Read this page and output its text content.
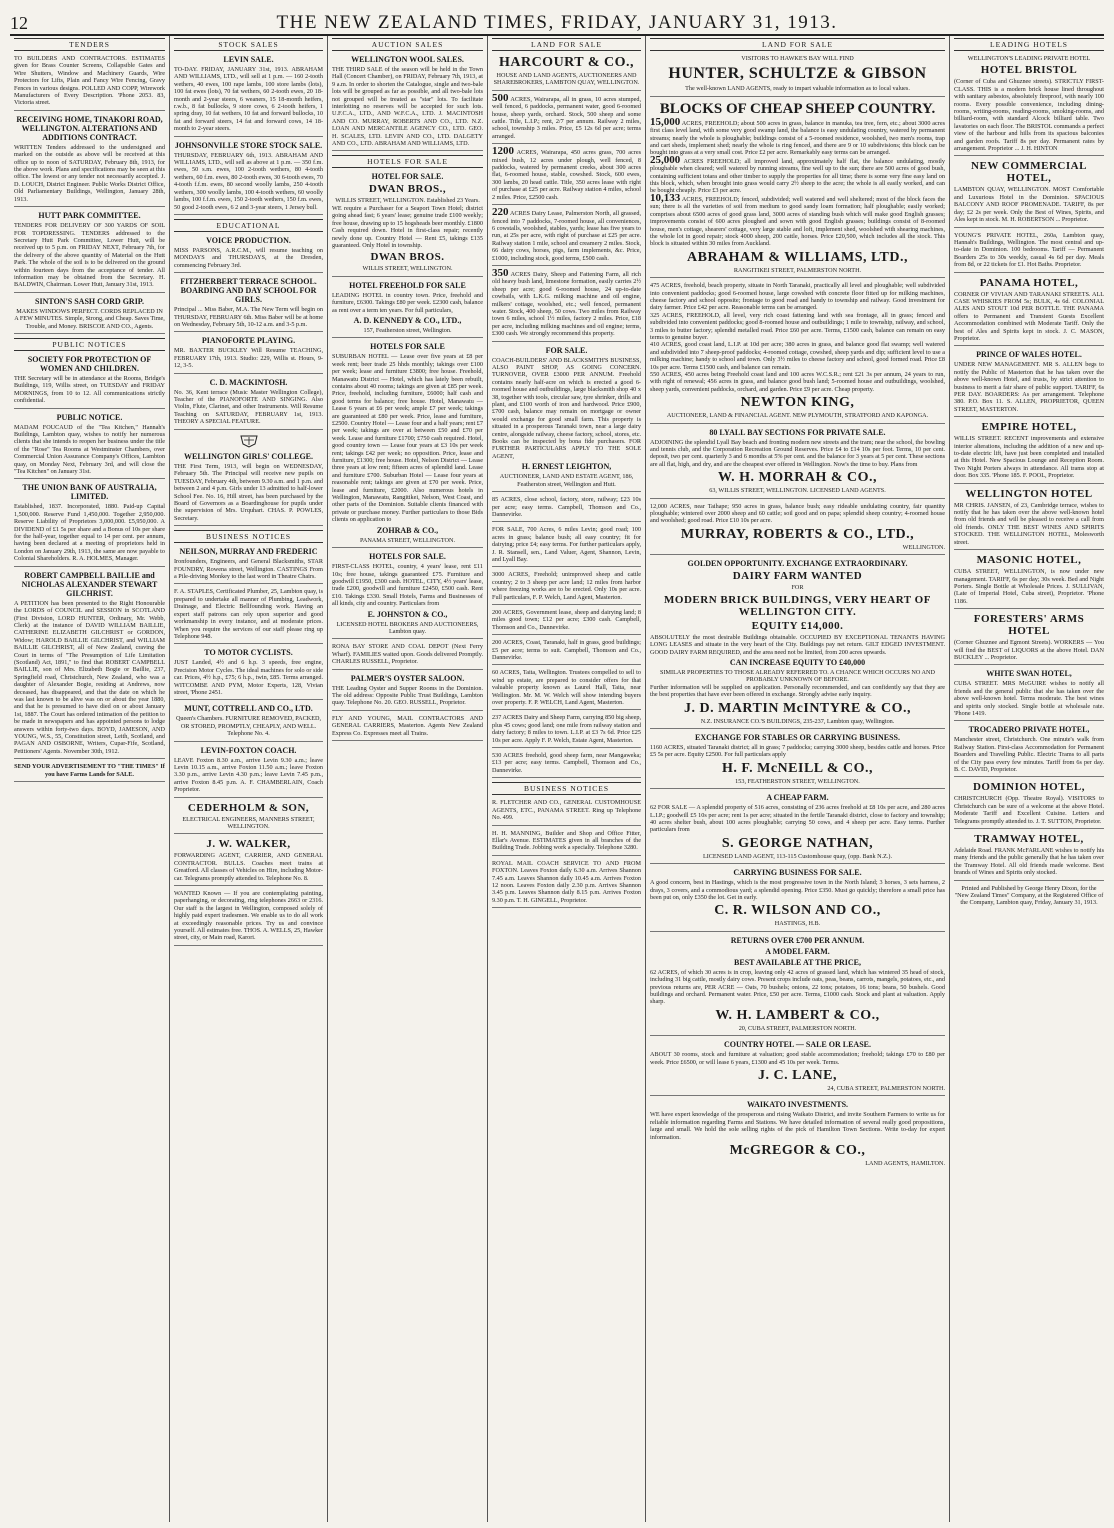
12	THE NEW ZEALAND TIMES, FRIDAY, JANUARY 31, 1913.
TENDERS
TO BUILDERS AND CONTRACTORS. ESTIMATES given for Brass Counter Screens, Collapsible Gates and Wire Shutters, Window and Machinery Guards, Wire Protectors for Lifts, Plain and Fancy Wire Fencing, Gravy Fences in various designs. POLLED AND COPP, Wirework Manufacturers of Every Description. 'Phone 2053. 83, Victoria street.
RECEIVING HOME, TINAKORI ROAD, WELLINGTON. ALTERATIONS AND ADDITIONS CONTRACT.
WRITTEN Tenders addressed to the undersigned and marked on the outside as above will be received at this office up to noon of SATURDAY, February 8th, 1913, for the above work. Plans and specifications may be seen at this office. The lowest or any tender not necessarily accepted. J. D. LOUCH, District Engineer. Public Works District Office, Old Parliamentary Buildings, Wellington, January 28th, 1913.
HUTT PARK COMMITTEE.
TENDERS FOR DELIVERY OF 300 YARDS OF SOIL FOR TOPDRESSING. TENDERS addressed to the Secretary Hutt Park Committee, Lower Hutt, will be received up to 5 p.m. on FRIDAY NEXT, February 7th, for the delivery of the above quantity of Material on the Hutt Park. The whole of the soil is to be delivered on the ground within fourteen days from the acceptance of tender. All information may be obtained from the Secretary. H. BALDWIN, Chairman. Lower Hutt, January 31st, 1913.
SINTON'S SASH CORD GRIP.
MAKES WINDOWS PERFECT. CORDS REPLACED IN A FEW MINUTES. Simple, Strong, and Cheap. Saves Time, Trouble, and Money. BRISCOE AND CO., Agents.
PUBLIC NOTICES
SOCIETY FOR PROTECTION OF WOMEN AND CHILDREN.
THE Secretary will be in attendance at the Rooms, Bridge's Buildings, 119, Willis street, on TUESDAY and FRIDAY MORNINGS, from 10 to 12. All communications strictly confidential.
PUBLIC NOTICE.
MADAM FOUCAUD of the "Tea Kitchen," Hannah's Buildings, Lambton quay, wishes to notify her numerous clients that she intends to reopen her business under the title of the "Rose" Tea Rooms at Westminster Chambers, over Commercial Union Assurance Company's Offices, Lambton quay, on Monday Next, February 3rd, and will close the "Tea Kitchen" on January 31st.
THE UNION BANK OF AUSTRALIA, LIMITED.
Established, 1837. Incorporated, 1880. Paid-up Capital 1,500,000. Reserve Fund 1,450,000. Together 2,950,000. Reserve Liability of Proprietors 3,000,000. £5,950,000. A DIVIDEND of £1 5s per share and a Bonus of 10s per share for the half-year, together equal to 14 per cent. per annum, having been declared at a meeting of proprietors held in London on January 29th, 1913, the same are now payable to Colonial Shareholders. R. A. HOLMES, Manager.
ROBERT CAMPBELL BAILLIE and NICHOLAS ALEXANDER STEWART GILCHRIST.
A PETITION has been presented to the Right Honourable the LORDS of COUNCIL and SESSION in SCOTLAND (First Division, LORD HUNTER, Ordinary, Mr. Webb, Clerk) at the instance of DAVID WILLIAM BAILLIE, CATHERINE ELIZABETH GILCHRIST or GORDON, Widow; HAROLD BAILLIE GILCHRIST, and WILLIAM BAILLIE GILCHRIST, all of New Zealand, craving the Court in terms of "The Presumption of Life Limitation (Scotland) Act, 1891," to find that ROBERT CAMPBELL BAILLIE, son of Mrs. Elizabeth Bogie or Baillie, 237, Springfield road, Christchurch, New Zealand, who was a daughter of Alexander Bogie, residing at Andrews, now deceased, has disappeared, and that the date on which he was last known to be alive was on or about the year 1880, and that he is presumed to have died on or about January 1st, 1887. The Court has ordered intimation of the petition to be made in newspapers and has appointed persons to lodge answers within forty-two days. BOYD, JAMESON, AND YOUNG, W.S., 55, Constitution street, Leith, Scotland, and PAGAN AND OSBORNE, Writers, Cupar-Fife, Scotland, Petitioners' Agents. November 30th, 1912.
SEND YOUR ADVERTISEMENT TO "THE TIMES" If you have Farms Lands for SALE.
STOCK SALES
LEVIN SALE.
TO-DAY. FRIDAY, JANUARY 31st, 1913. ABRAHAM AND WILLIAMS, LTD., will sell at 1 p.m. — 160 2-tooth wethers, 40 ewes, 100 rape lambs, 100 store lambs (lots), 100 fat ewes (lots), 70 fat wethers, 60 2-tooth ewes, 20 18-month and 2-year steers, 6 weaners, 15 18-month heifers, r.w.b., 8 fat bullocks, 9 store cows, 6 2-tooth heifers, 1 spring dray, 10 fat wethers, 10 fat and forward bullocks, 10 fat and forward steers, 14 fat and forward cows, 14 18-month to 2-year steers.
JOHNSONVILLE STORE STOCK SALE.
THURSDAY, FEBRUARY 6th, 1913. ABRAHAM AND WILLIAMS, LTD., will sell as above at 1 p.m. — 350 f.m. ewes, 50 s.m. ewes, 100 2-tooth wethers, 80 4-tooth wethers, 60 f.m. ewes, 80 2-tooth ewes, 30 6-tooth ewes, 70 4-tooth f.f.m. ewes, 80 second woolly lambs, 250 4-tooth wethers, 300 woolly lambs, 100 4-tooth wethers, 60 woolly lambs, 100 f.f.m. ewes, 150 2-tooth wethers, 150 f.m. ewes, 50 good 2-tooth ewes, 6 2 and 3-year steers, 1 Jersey bull.
EDUCATIONAL
VOICE PRODUCTION.
MISS PARSONS, A.R.C.M., will resume teaching on MONDAYS and THURSDAYS, at the Dresden, commencing February 3rd.
FITZHERBERT TERRACE SCHOOL. BOARDING AND DAY SCHOOL FOR GIRLS.
Principal ... Miss Baber, M.A. The New Term will begin on THURSDAY, FEBRUARY 6th. Miss Baber will be at home on Wednesday, February 5th, 10-12 a.m. and 3-5 p.m.
PIANOFORTE PLAYING.
MR. BAXTER BUCKLEY Will Resume TEACHING, FEBRUARY 17th, 1913. Studio: 229, Willis st. Hours, 9-12, 3-5.
C. D. MACKINTOSH.
No. 36, Kent terrace (Music Master Wellington College), Teacher of the PIANOFORTE AND SINGING. Also Violin, Flute, Clarinet, and other Instruments. Will Resume Teaching on SATURDAY, FEBRUARY 1st, 1913. THEORY A SPECIAL FEATURE.
WELLINGTON GIRLS' COLLEGE.
THE First Term, 1913, will begin on WEDNESDAY, February 5th. The Principal will receive new pupils on TUESDAY, February 4th, between 9.30 a.m. and 1 p.m. and between 2 and 4 p.m. Girls under 13 admitted to half-lower School Fee. No. 16, Hill street, has been purchased by the Board of Governors as a Boardinghouse for pupils under the supervision of Mrs. Urquhart. CHAS. P. POWLES, Secretary.
BUSINESS NOTICES
NEILSON, MURRAY AND FREDERIC
Ironfounders, Engineers, and General Blacksmiths, STAR FOUNDRY, Rowena street, Wellington. CASTINGS From a Pile-driving Monkey to the last word in Theatre Chairs.
F. A. STAPLES, Certificated Plumber, 25, Lambton quay, is prepared to undertake all manner of Plumbing, Leadwork, Drainage, and Electric Bellfounding work. Having an expert staff patrons can rely upon superior and good workmanship in every instance, and at moderate prices. When you require the services of our staff please ring up Telephone 948.
TO MOTOR CYCLISTS.
JUST Landed, 4½ and 6 h.p. 3 speeds, free engine, Precision Motor Cycles. The ideal machines for solo or side car. Prices, 4½ h.p., £75; 6 h.p., twin, £85. Terms arranged. WITCOMBE AND PYM, Motor Experts, 128, Vivian street, 'Phone 2451.
MUNT, COTTRELL AND CO., LTD.
Queen's Chambers. FURNITURE REMOVED, PACKED, OR STORED, PROMPTLY, CHEAPLY, AND WELL. Telephone No. 4.
LEVIN-FOXTON COACH.
LEAVE Foxton 8.30 a.m., arrive Levin 9.30 a.m.; leave Levin 10.15 a.m., arrive Foxton 11.50 a.m.; leave Foxton 3.30 p.m., arrive Levin 4.30 p.m.; leave Levin 7.45 p.m., arrive Foxton 8.45 p.m. A. F. CHAMBERLAIN, Coach Proprietor.
CEDERHOLM & SON,
ELECTRICAL ENGINEERS, MANNERS STREET, WELLINGTON.
J. W. WALKER,
FORWARDING AGENT, CARRIER, AND GENERAL CONTRACTOR. BULLS. Coaches meet trains at Greatford. All classes of Vehicles on Hire, including Motor-car. Telegrams promptly attended to. Telephone No. 8.
WANTED Known — If you are contemplating painting, paperhanging, or decorating, ring telephones 2663 or 2316. Our staff is the largest in Wellington, composed solely of highly paid expert tradesmen. We enable us to do all work at exceedingly reasonable prices. Try us and convince yourself. All estimates free. THOS. A. WELLS, 25, Hawker street, city, or Main road, Karori.
AUCTION SALES
WELLINGTON WOOL SALES.
THE THIRD SALE of the season will be held in the Town Hall (Concert Chamber), on FRIDAY, February 7th, 1913, at 9 a.m. In order to shorten the Catalogue, single and two-bale lots will be grouped as far as possible, and all two-bale lots not grouped will be treated as "star" lots. To facilitate interlotting no reserves will be accepted for such lots. U.F.C.A., LTD., AND W.F.C.A., LTD. J. MACINTOSH AND CO. MURRAY, ROBERTS AND CO., LTD. N.Z. LOAN AND MERCANTILE AGENCY CO., LTD. GEO. H. SCALES, LTD. LEVIN AND CO., LTD. DALGETY AND CO., LTD. ABRAHAM AND WILLIAMS, LTD.
HOTELS FOR SALE
HOTEL FOR SALE.
DWAN BROS.,
WILLIS STREET, WELLINGTON. Established 23 Years.
WE require a Purchaser for a Seaport Town Hotel; district going ahead fast; 6 years' lease; genuine trade £100 weekly; free house, drawing up to 15 hogsheads beer monthly. £1800 Cash required down. Hotel in first-class repair; recently newly done up. Country Hotel — Rent £5, takings £135 guaranteed. Only Hotel in township.
DWAN BROS.
WILLIS STREET, WELLINGTON.
HOTEL FREEHOLD FOR SALE
LEADING HOTEL in country town. Price, freehold and furniture, £6300. Takings £80 per week. £2300 cash, balance as rent over a term ten years. For full particulars,
A. D. KENNEDY & CO., LTD.,
157, Featherston street, Wellington.
HOTELS FOR SALE
SUBURBAN HOTEL — Lease over five years at £8 per week rent; beer trade 25 hhds monthly; takings over £100 per week; lease and furniture £3800; free house. Freehold, Manawatu District — Hotel, which has lately been rebuilt, contains about 40 rooms; takings are given at £85 per week. Price, freehold, including furniture, £6000; half cash and good terms for balance; free house. Hotel, Manawatu — Lease 6 years at £6 per week; ample £7 per week; takings are guaranteed at £80 per week. Price, lease and furniture, £2500. Country Hotel — Lease four and a half years; rent £7 per week; takings are over at between £50 and £70 per week. Lease and furniture £1700; £750 cash required. Hotel, good country town — Lease four years at £3 10s per week rent; takings £42 per week; no opposition. Price, lease and furniture, £1300; free house. Hotel, Nelson District — Lease three years at low rent; fifteen acres of splendid land. Lease and furniture £700. Suburban Hotel — Lease four years at reasonable rent; takings are given at £70 per week. Price, lease and furniture, £2000. Also numerous hotels in Wellington, Manawatu, Rangitikei, Nelson, West Coast, and other parts of the Dominion. Suitable clients financed with private or purchase money. Further particulars to those Bids clients on application to
ZOHRAB & CO.,
PANAMA STREET, WELLINGTON.
HOTELS FOR SALE.
FIRST-CLASS HOTEL, country, 4 years' lease, rent £11 10s; free house, takings guaranteed £75. Furniture and goodwill £1950, £300 cash. HOTEL, CITY, 4½ years' lease, trade £200, goodwill and furniture £2450, £500 cash. Rent £10. Takings £330. Small Hotels, Farms and Businesses of all kinds, city and country. Particulars from
E. JOHNSTON & CO.,
LICENSED HOTEL BROKERS AND AUCTIONEERS, Lambton quay.
RONA BAY STORE AND COAL DEPOT (Next Ferry Wharf). FAMILIES waited upon. Goods delivered Promptly. CHARLES RUSSELL, Proprietor.
PALMER'S OYSTER SALOON.
THE Leading Oyster and Supper Rooms in the Dominion. The old address: Opposite Public Trust Buildings, Lambton quay. Telephone No. 20. GEO. RUSSELL, Proprietor.
FLY AND YOUNG, MAIL CONTRACTORS AND GENERAL CARRIERS, Masterton. Agents New Zealand Express Co. Expresses meet all Trains.
LAND FOR SALE
HARCOURT & CO.,
HOUSE AND LAND AGENTS, AUCTIONEERS AND SHAREBROKERS, LAMBTON QUAY, WELLINGTON.
500 ACRES, Wairarapa, all in grass, 10 acres stumped, well fenced, 6 paddocks, permanent water, good 6-roomed house, sheep yards, orchard. Stock, 500 sheep and some cattle. Title, L.I.P.; rent, 2/7 per annum. Railway 2 miles, school, township 3 miles. Price, £5 12s 6d per acre; terms arranged.
1200 ACRES, Wairarapa, 450 acres grass, 700 acres mixed bush, 12 acres under plough, well fenced, 8 paddocks, watered by permanent creeks, about 300 acres flat, 6-roomed house, stable, cowshed. Stock, 600 ewes, 300 lambs, 20 head cattle. Title, 350 acres lease with right of purchase at £25 per acre. Railway station 4 miles, school 2 miles. Price, £2500 cash.
220 ACRES Dairy Lease, Palmerston North, all grassed, fenced into 7 paddocks, 7-roomed house, all conveniences, 6 cowstalls, woolshed, stables, yards; lease has five years to run, at 25s per acre, with right of purchase at £25 per acre. Railway station 1 mile, school and creamery 2 miles. Stock, 66 dairy cows, horses, pigs, farm implements, &c. Price, £1000, including stock, good terms, £500 cash.
350 ACRES Dairy, Sheep and Fattening Farm, all rich old heavy bush land, limestone formation, easily carries 2½ sheep per acre; good 6-roomed house, 24 up-to-date cowbails, with L.K.G. milking machine and oil engine, milkers' cottage, woolshed, etc.; well fenced, permanent water. Stock, 400 sheep, 50 cows. Two miles from Railway town 6 miles, school 1½ miles, factory 2 miles. Price, £18 per acre, including milking machines and oil engine; terms, £300 cash. We strongly recommend this property.
FOR SALE.
COACH-BUILDERS' AND BLACKSMITH'S BUSINESS, ALSO PAINT SHOP, AS GOING CONCERN. TURNOVER, OVER £3000 PER ANNUM. Freehold contains nearly half-acre on which is erected a good 6-roomed house and outbuildings, large blacksmith shop 40 x 38, together with tools, circular saw, tyre shrinker, drills and plant, and £100 worth of iron and hardwood. Price £900, £700 cash, balance may remain on mortgage or owner would exchange for good small farm. This property is situated in a prosperous Taranaki town, near a large dairy centre, alongside railway, cheese factory, school, stores, etc. Books can be inspected by bona fide purchasers. FOR FURTHER PARTICULARS APPLY TO THE SOLE AGENT,
H. ERNEST LEIGHTON,
AUCTIONEER, LAND AND ESTATE AGENT, 186, Featherston street, Wellington and Hutt.
85 ACRES, close school, factory, store, railway; £23 10s per acre; easy terms. Campbell, Thomson and Co., Dannevirke.
FOR SALE, 700 Acres, 6 miles Levin; good road; 100 acres in grass; balance bush; all easy country; fit for dairying; price £4; easy terms. For further particulars apply, J. R. Stansell, sen., Land Valuer, Agent, Shannon, Levin, and Lyall Bay.
3000 ACRES, Freehold; unimproved sheep and cattle country; 2 to 3 sheep per acre land; 12 miles from harbor where freezing works are to be erected. Only 10s per acre. Full particulars, F. P. Welch, Land Agent, Masterton.
200 ACRES, Government lease, sheep and dairying land; 8 miles good town; £12 per acre; £300 cash. Campbell, Thomson and Co., Dannevirke.
200 ACRES, Coast, Taranaki, half in grass, good buildings; £5 per acre; terms to suit. Campbell, Thomson and Co., Dannevirke.
60 ACRES, Taita, Wellington. Trustees compelled to sell to wind up estate, are prepared to consider offers for that valuable property known as Laurel Hall, Taita, near Wellington. Mr. M. W. Welch will show intending buyers over property. F. P. WELCH, Land Agent, Masterton.
237 ACRES Dairy and Sheep Farm, carrying 850 big sheep, plus 45 cows; good land; one mile from railway station and dairy factory; 8 miles to town. L.I.P. at £3 7s 6d. Price £25 10s per acre. Apply F. P. Welch, Estate Agent, Masterton.
530 ACRES freehold, good sheep farm, near Mangaweka; £13 per acre; easy terms. Campbell, Thomson and Co., Dannevirke.
BUSINESS NOTICES
R. FLETCHER AND CO., GENERAL CUSTOMHOUSE AGENTS, ETC., PANAMA STREET. Ring up Telephone No. 499.
H. H. MANNING, Builder and Shop and Office Fitter, Ellar's Avenue. ESTIMATES given in all branches of the Building Trade. Jobbing work a specialty. Telephone 3280.
ROYAL MAIL COACH SERVICE TO AND FROM FOXTON. Leaves Foxton daily 6.30 a.m. Arrives Shannon 7.45 a.m. Leaves Shannon daily 10.45 a.m. Arrives Foxton 12 noon. Leaves Foxton daily 2.30 p.m. Arrives Shannon 3.45 p.m. Leaves Shannon daily 8.15 p.m. Arrives Foxton 9.30 p.m. T. H. GINGELL, Proprietor.
LAND FOR SALE
VISITORS TO HAWKE'S BAY WILL FIND
HUNTER, SCHULTZE & GIBSON
The well-known LAND AGENTS, ready to impart valuable information as to local values.
BLOCKS OF CHEAP SHEEP COUNTRY.
15,000 ACRES, FREEHOLD; about 500 acres in grass, balance in manuka, tea tree, fern, etc.; about 3000 acres first class level land, with some very good swamp land, the balance is easy undulating country, watered by permanent streams; nearly the whole is ploughable; buildings consist of a 5-roomed residence, woolshed, two men's rooms, trap and cart sheds, implement shed; nearly the whole is ring fenced, and there are 9 or 10 subdivisions; this block can be bought into grass at a very small cost. Price £2 per acre. Remarkably easy terms can be arranged.
25,000 ACRES FREEHOLD; all improved land, approximately half flat, the balance undulating, mostly ploughable when cleared; well watered by running streams, fine well up to the sun; there are 500 acres of good bush, containing sufficient totara and other timber to supply the properties for all time; there is some very fine easy land on this block, which, when brought into grass would carry 2½ sheep to the acre; the whole is all easily worked, and can be bought cheaply. Price £3 per acre.
10,133 ACRES, FREEHOLD; fenced, subdivided; well watered and well sheltered; most of the block faces the sun; there is all the varieties of soil from medium to good sandy loam formation; half ploughable; easily worked; comprises about 6500 acres of good grass land, 3000 acres of standing bush which will make good English grasses; improvements consist of 600 acres ploughed and sown with good English grasses; buildings consist of 8-roomed house, men's cottage, shearers' cottage, very large stable and loft, implement shed, woolshed with shearing machines, the whole lot in good repair; stock 4000 sheep, 200 cattle, horses. Price £20,500, which includes all the stock. This block is situated within 30 miles from Auckland.
ABRAHAM & WILLIAMS, LTD.,
RANGITIKEI STREET, PALMERSTON NORTH.
475 ACRES, freehold, beach property, situate in North Taranaki, practically all level and ploughable; well subdivided into convenient paddocks; good 6-roomed house, large cowshed with concrete floor fitted up for milking machines, cheese factory and school opposite; frontage to good road and handy to township and railway. Good investment for dairy farmer. Price £42 per acre. Reasonable terms can be arranged.
325 ACRES, FREEHOLD, all level, very rich coast fattening land with sea frontage, all in grass; fenced and subdivided into convenient paddocks; good 8-roomed house and outbuildings; 1 mile to township, railway, and school, 3 miles to butter factory; splendid metalled road. Price £60 per acre. Terms, £1500 cash, balance can remain on easy terms to genuine buyer.
410 ACRES, good coast land, L.I.P. at 10d per acre; 380 acres in grass, and balance good flat swamp; well watered and subdivided into 7 sheep-proof paddocks; 4-roomed cottage, cowshed, sheep yards and dip; sufficient level to use a milking machine; handy to school and town. Only 3½ miles to cheese factory and school, good formed road. Price £8 10s per acre. Terms £1500 cash, and balance can remain.
550 ACRES, 450 acres being Freehold coast land and 100 acres W.C.S.R.; rent £21 3s per annum, 24 years to run, with right of renewal; 456 acres in grass, and balance good bush land; 5-roomed house and outbuildings, woolshed, sheep yards, convenient paddocks, orchard, and garden. Price £9 per acre. Cheap property.
NEWTON KING,
AUCTIONEER, LAND & FINANCIAL AGENT. NEW PLYMOUTH, STRATFORD AND KAPONGA.
80 LYALL BAY SECTIONS FOR PRIVATE SALE.
ADJOINING the splendid Lyall Bay beach and fronting modern new streets and the tram; near the school, the bowling and tennis club, and the Corporation Recreation Ground Reserves. Price £4 to £14 10s per foot. Terms, 10 per cent. deposit, two per cent. quarterly 3 and 6 months at 5% per cent. and the balance for 3 years at 5 per cent. These sections are all flat, high, and dry, and are the cheapest ever offered in Wellington. Now's the time to buy. Plans from
W. H. MORRAH & CO.,
63, WILLIS STREET, WELLINGTON. LICENSED LAND AGENTS.
12,000 ACRES, near Taihape; 950 acres in grass, balance bush; easy rideable undulating country, fair quantity ploughable; wintered over 2000 sheep and 60 cattle; soil good and on papa; splendid sheep country; 4-roomed house and woolshed; good road. Price £10 10s per acre.
MURRAY, ROBERTS & CO., LTD.,
WELLINGTON.
GOLDEN OPPORTUNITY. EXCHANGE EXTRAORDINARY.
DAIRY FARM WANTED
FOR
MODERN BRICK BUILDINGS, VERY HEART OF WELLINGTON CITY.
EQUITY £14,000.
ABSOLUTELY the most desirable Buildings obtainable. OCCUPIED BY EXCEPTIONAL TENANTS HAVING LONG LEASES and situate in the very heart of the City. Buildings pay net return. GILT EDGED INVESTMENT. GOOD DAIRY FARM REQUIRED, and the area need not be limited, from 200 acres upwards.
CAN INCREASE EQUITY TO £40,000
SIMILAR PROPERTIES TO THOSE ALREADY REFERRED TO. A CHANCE WHICH OCCURS NO AND PROBABLY UNKNOWN OF BEFORE.
Further information will be supplied on application. Personally recommended, and can confidently say that they are the best properties that have ever been offered in exchange. Strongly advise early inquiry.
J. D. MARTIN McINTYRE & CO.,
N.Z. INSURANCE CO.'S BUILDINGS, 235-237, Lambton quay, Wellington.
EXCHANGE FOR STABLES OR CARRYING BUSINESS.
1160 ACRES, situated Taranaki district; all in grass; 7 paddocks; carrying 3000 sheep, besides cattle and horses. Price £5 5s per acre. Equity £2500. For full particulars apply
H. F. McNEILL & CO.,
153, FEATHERSTON STREET, WELLINGTON.
A CHEAP FARM.
62 FOR SALE — A splendid property of 516 acres, consisting of 236 acres freehold at £8 10s per acre, and 280 acres L.I.P.; goodwill £5 10s per acre; rent 1s per acre; situated in the fertile Taranaki district, close to factory and township; 40 acres shelter bush, about 100 acres ploughable; carrying 50 cows, and 4 sheep per acre. Easy terms. Further particulars from
S. GEORGE NATHAN,
LICENSED LAND AGENT, 113-115 Customhouse quay, (opp. Bank N.Z.).
CARRYING BUSINESS FOR SALE.
A good concern, best in Hastings, which is the most progressive town in the North Island; 3 horses, 3 sets harness, 2 drays, 3 covers, and a commodious yard; a splendid opening. Price £350. Must go quickly; therefore a small price has been put on, only £350 the lot. Get in early.
C. R. WILSON AND CO.,
HASTINGS, H.B.
RETURNS OVER £700 PER ANNUM.
A MODEL FARM.
BEST AVAILABLE AT THE PRICE,
62 ACRES, of which 30 acres is in crop, leaving only 42 acres of grassed land, which has wintered 35 head of stock, including 31 big cattle, mostly dairy cows. Present crops include oats, peas, beans, carrots, mangels, potatoes, etc., and previous returns are, PER ACRE — Oats, 70 bushels; onions, 22 tons; potatoes, 16 tons; beans, 50 bushels. Good buildings and orchard. Permanent water. Price, £50 per acre. Terms, £1000 cash. Stock and plant at valuation. Apply sharp.
W. H. LAMBERT & CO.,
20, CUBA STREET, PALMERSTON NORTH.
COUNTRY HOTEL — SALE OR LEASE.
ABOUT 30 rooms, stock and furniture at valuation; good stable accommodation; freehold; takings £70 to £80 per week. Price £6500, or will lease 6 years, £1300 and 45 10s per week. Terms.
J. C. LANE,
24, CUBA STREET, PALMERSTON NORTH.
WAIKATO INVESTMENTS.
WE have expert knowledge of the prosperous and rising Waikato District, and invite Southern Farmers to write us for reliable information regarding Farms and Stations. We have detailed information of several really good propositions, large and small. We hold the sole selling rights of the pick of Hamilton Town Sections. Write to-day for expert information.
McGREGOR & CO.,
LAND AGENTS, HAMILTON.
LEADING HOTELS
WELLINGTON'S LEADING PRIVATE HOTEL
HOTEL BRISTOL
(Corner of Cuba and Ghuznee streets). STRICTLY FIRST-CLASS. THIS is a modern brick house lined throughout with sanitary asbestos, absolutely fireproof, with nearly 100 rooms. Every possible convenience, including dining-rooms, writing-rooms, reading-rooms, smoking-rooms, and billiard-room, with standard Alcock billiard table. Two lavatories on each floor. The BRISTOL commands a perfect view of the harbour and hills from its spacious balconies and garden roofs. Tariff 8s per day. Permanent rates by arrangement. Proprietor ... J. H. HINTON
NEW COMMERCIAL HOTEL,
LAMBTON QUAY, WELLINGTON. MOST Comfortable and Luxurious Hotel in the Dominion. SPACIOUS BALCONY AND ROOF PROMENADE. TARIFF, 8s per day; £2 2s per week. Only the Best of Wines, Spirits, and Ales kept in stock. M. H. ROBERTSON ... Proprietor.
YOUNG'S PRIVATE HOTEL, 260a, Lambton quay, Hannah's Buildings, Wellington. The most central and up-to-date in Dominion. 100 bedrooms. Tariff — Permanent Boarders 25s to 30s weekly, casual 4s 6d per day. Meals from 8d, or 22 tickets for £1. Hot Baths. Proprietor.
PANAMA HOTEL,
CORNER OF VIVIAN AND TARANAKI STREETS. ALL CASE WHISKIES FROM 5s; BULK, 4s 6d. COLONIAL ALES AND STOUT 10d PER BOTTLE. THE PANAMA offers to Permanent and Transient Guests Excellent Accommodation combined with Moderate Tariff. Only the best of Ales and Spirits kept in stock. J. C. MASON, Proprietor.
PRINCE OF WALES HOTEL.
UNDER NEW MANAGEMENT. MR S. ALLEN begs to notify the Public of Masterton that he has taken over the above well-known Hotel, and trusts, by strict attention to business to merit a fair share of public support. TARIFF, 6s PER DAY. BOARDERS: As per arrangement. Telephone 380. P.O. Box 11. S. ALLEN, PROPRIETOR, QUEEN STREET, MASTERTON.
EMPIRE HOTEL,
WILLIS STREET. RECENT improvements and extensive interior alterations, including the addition of a new and up-to-date electric lift, have just been completed and installed at this Hotel. New Spacious Lounge and Reception Room. Two Night Porters always in attendance. All trams stop at door. Box 335. 'Phone 185. F. POOL, Proprietor.
WELLINGTON HOTEL
MR CHRIS. JANSEN, of 23, Cambridge terrace, wishes to notify that he has taken over the above well-known hotel from old friends and will be pleased to receive a call from old friends. ONLY THE BEST WINES AND SPIRITS STOCKED. THE WELLINGTON HOTEL, Molesworth street.
MASONIC HOTEL,
CUBA STREET, WELLINGTON, is now under new management. TARIFF, 6s per day; 30s week. Bed and Night Porters. Single Bottle at Wholesale Prices. J. SULLIVAN, (Late of Imperial Hotel, Cuba street), Proprietor. 'Phone 1186.
FORESTERS' ARMS HOTEL
(Corner Ghuznee and Egmont Streets). WORKERS — You will find the BEST of LIQUORS at the above Hotel. DAN BUCKLEY ... Proprietor.
WHITE SWAN HOTEL,
CUBA STREET. MRS McGUIRE wishes to notify all friends and the general public that she has taken over the above well-known hotel. Terms moderate. The best wines and spirits only stocked. Single bottle at wholesale rate. 'Phone 1419.
TROCADERO PRIVATE HOTEL,
Manchester street, Christchurch. One minute's walk from Railway Station. First-class Accommodation for Permanent Boarders and Travelling Public. Electric Trams to all parts of the City pass every few minutes. Tariff from 6s per day. B. C. DAVID, Proprietor.
DOMINION HOTEL,
CHRISTCHURCH (Opp. Theatre Royal). VISITORS to Christchurch can be sure of a welcome at the above Hotel. Moderate Tariff and Excellent Cuisine. Letters and Telegrams promptly attended to. J. T. SUTTON, Proprietor.
TRAMWAY HOTEL,
Adelaide Road. FRANK McFARLANE wishes to notify his many friends and the public generally that he has taken over the Tramway Hotel. All old friends made welcome. Best brands of Wines and Spirits only stocked.
Printed and Published by George Henry Dixon, for the "New Zealand Times" Company, at the Registered Office of the Company, Lambton quay, Friday, January 31, 1913.
